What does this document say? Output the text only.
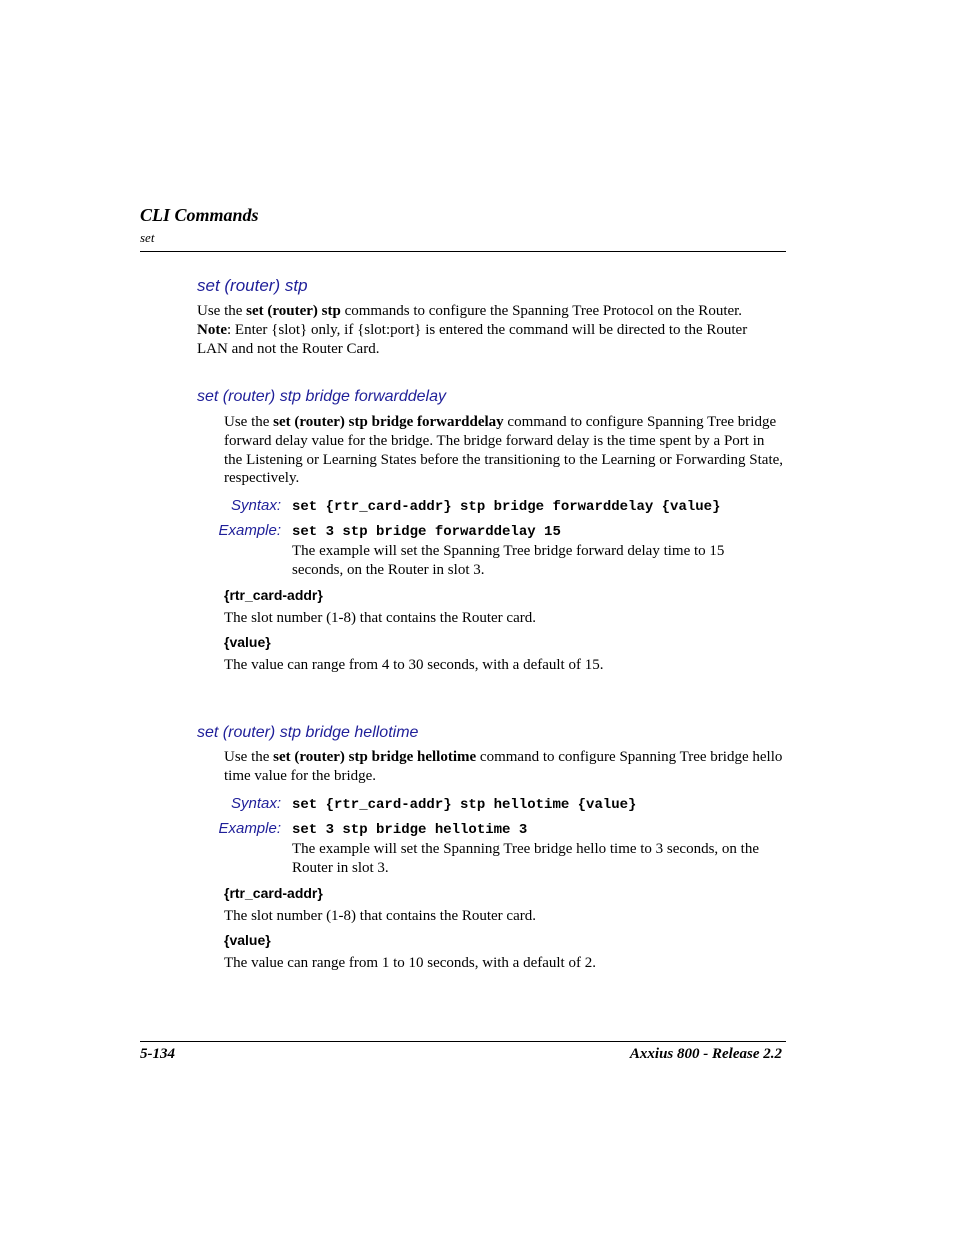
CLI Commands
set
set (router) stp
Use the set (router) stp commands to configure the Spanning Tree Protocol on the Router. Note: Enter {slot} only, if {slot:port} is entered the command will be directed to the Router LAN and not the Router Card.
set (router) stp bridge forwarddelay
Use the set (router) stp bridge forwarddelay command to configure Spanning Tree bridge forward delay value for the bridge. The bridge forward delay is the time spent by a Port in the Listening or Learning States before the transitioning to the Learning or Forwarding State, respectively.
Syntax: set {rtr_card-addr} stp bridge forwarddelay {value}
Example: set 3 stp bridge forwarddelay 15
The example will set the Spanning Tree bridge forward delay time to 15 seconds, on the Router in slot 3.
{rtr_card-addr}
The slot number (1-8) that contains the Router card.
{value}
The value can range from 4 to 30 seconds, with a default of 15.
set (router) stp bridge hellotime
Use the set (router) stp bridge hellotime command to configure Spanning Tree bridge hello time value for the bridge.
Syntax: set {rtr_card-addr} stp hellotime {value}
Example: set 3 stp bridge hellotime 3
The example will set the Spanning Tree bridge hello time to 3 seconds, on the Router in slot 3.
{rtr_card-addr}
The slot number (1-8) that contains the Router card.
{value}
The value can range from 1 to 10 seconds, with a default of 2.
5-134	Axxius 800 - Release 2.2
